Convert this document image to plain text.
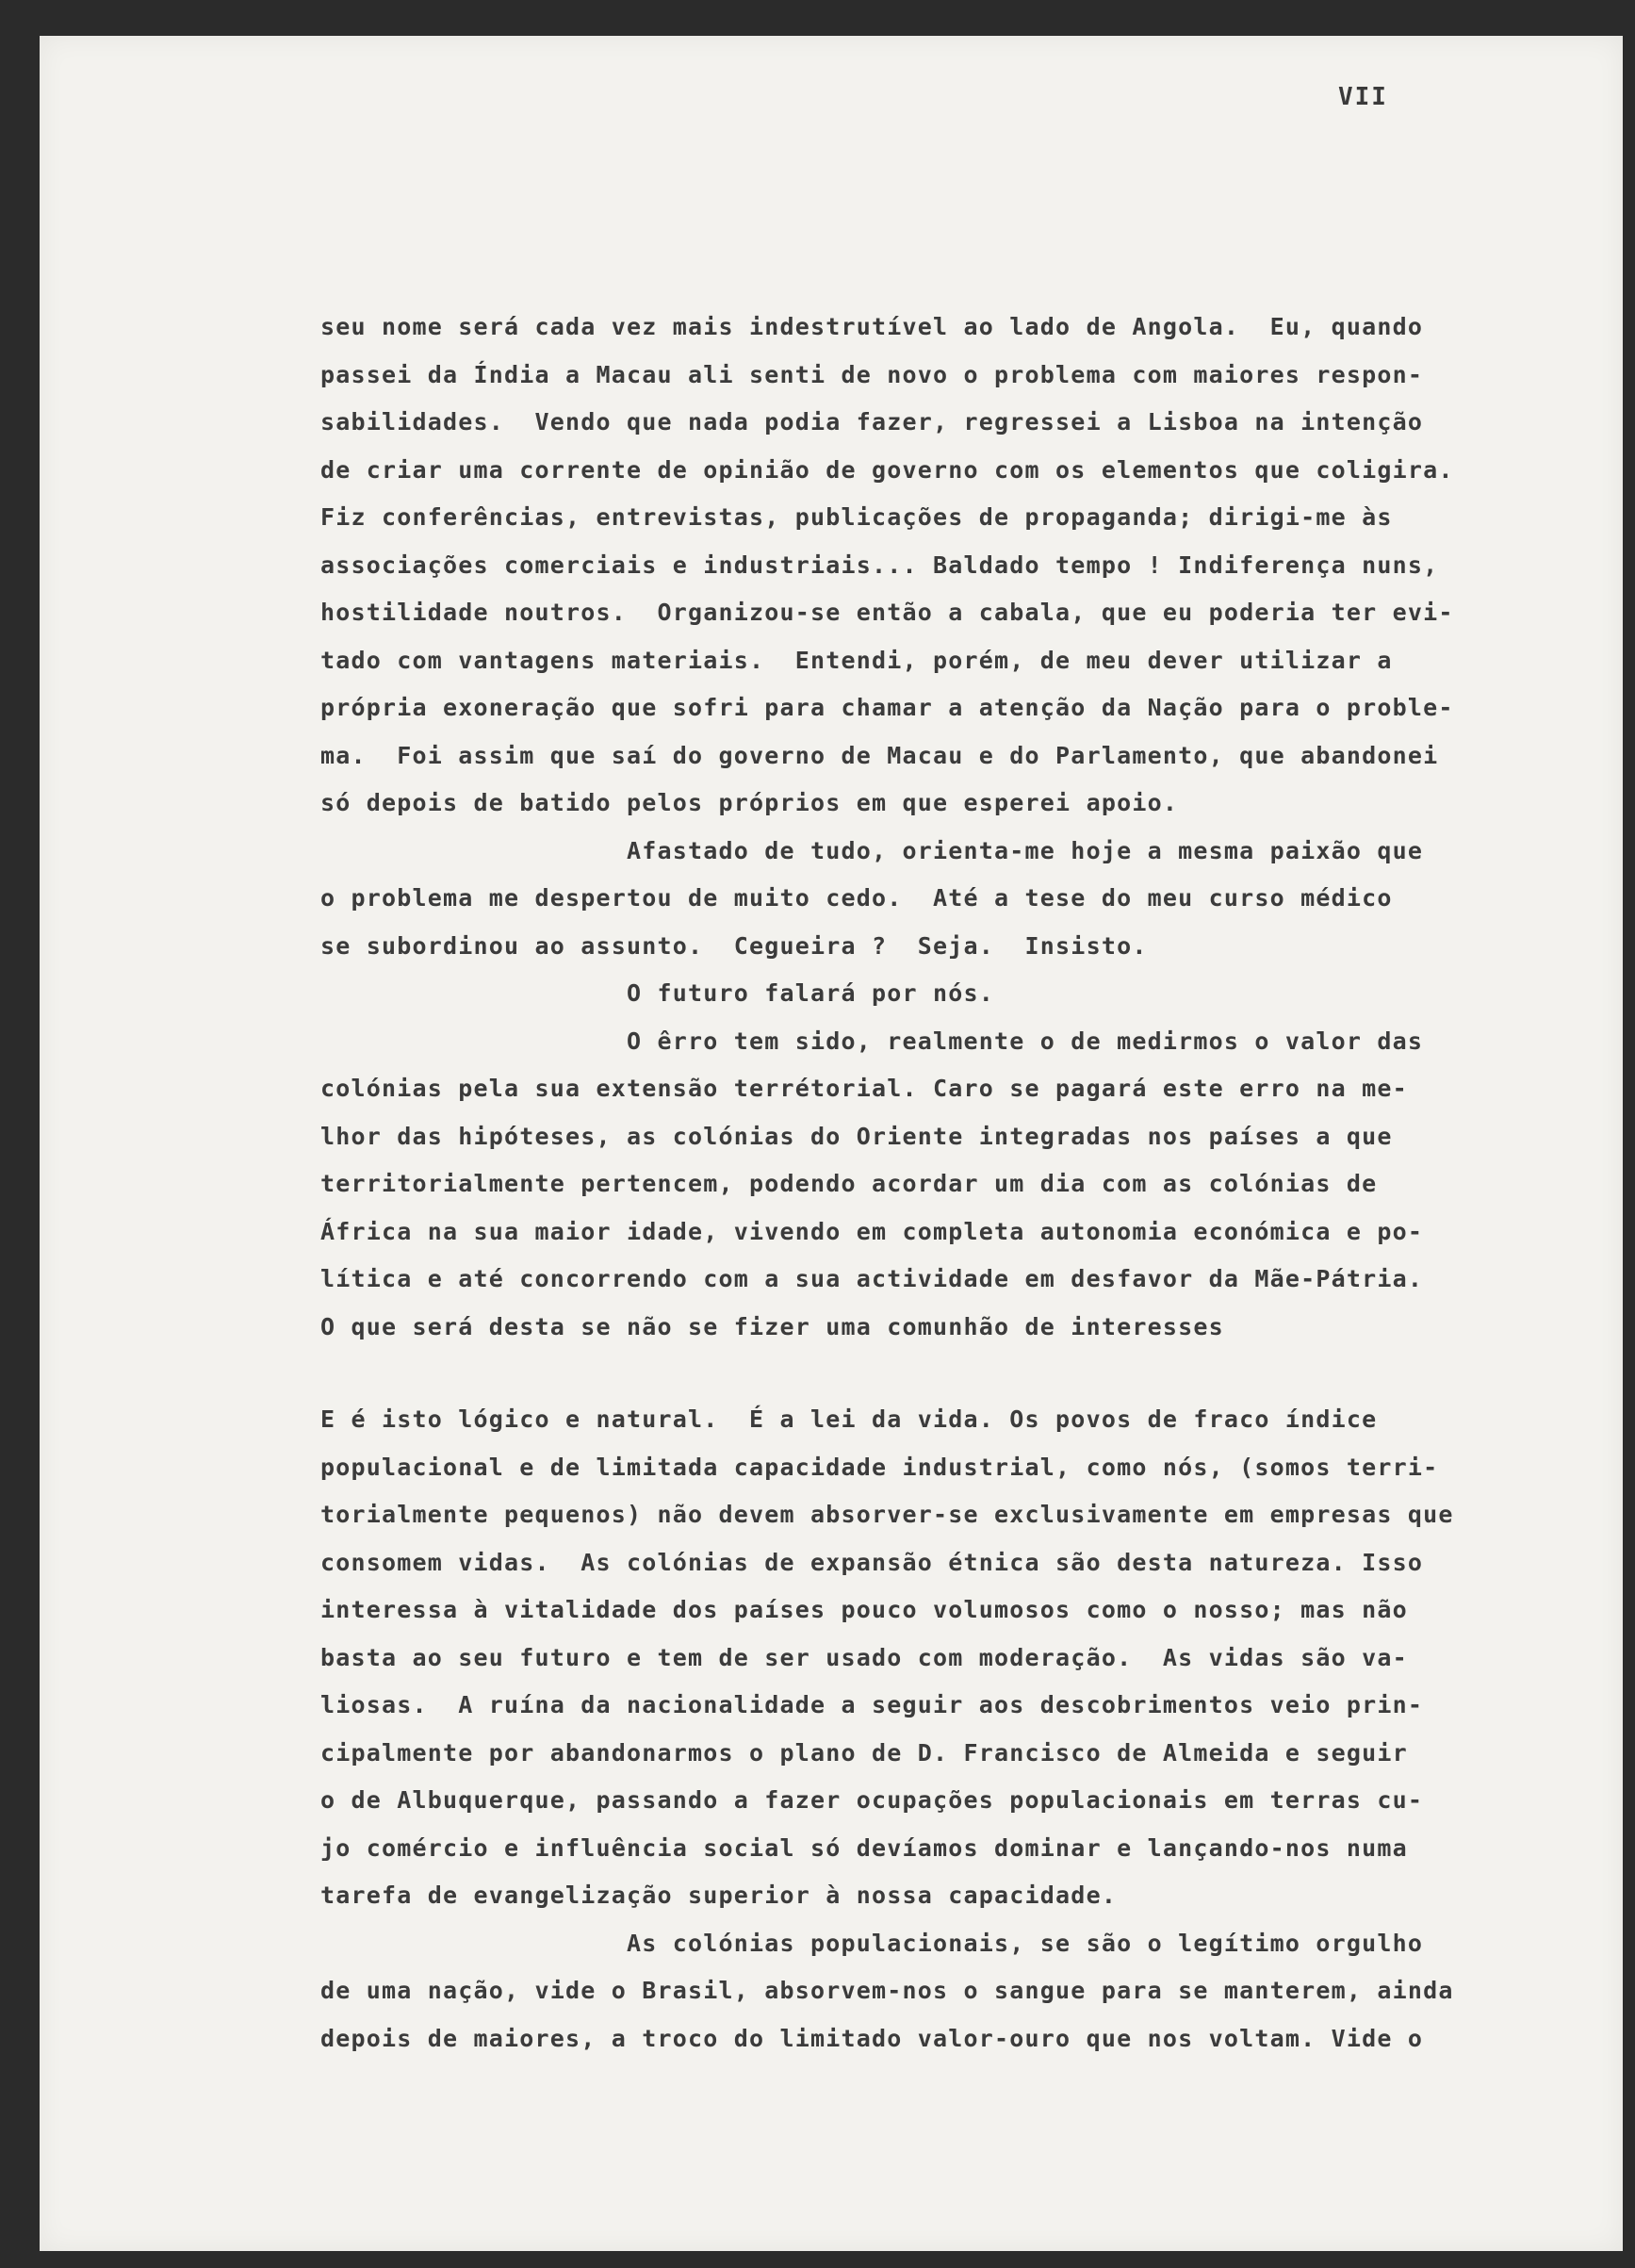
VII
seu nome será cada vez mais indestrutível ao lado de Angola.  Eu, quando
passei da Índia a Macau ali senti de novo o problema com maiores respon-
sabilidades.  Vendo que nada podia fazer, regressei a Lisboa na intenção
de criar uma corrente de opinião de governo com os elementos que coligira.
Fiz conferências, entrevistas, publicações de propaganda; dirigi-me às
associações comerciais e industriais... Baldado tempo ! Indiferença nuns,
hostilidade noutros.  Organizou-se então a cabala, que eu poderia ter evi-
tado com vantagens materiais.  Entendi, porém, de meu dever utilizar a
própria exoneração que sofri para chamar a atenção da Nação para o proble-
ma.  Foi assim que saí do governo de Macau e do Parlamento, que abandonei
só depois de batido pelos próprios em que esperei apoio.
Afastado de tudo, orienta-me hoje a mesma paixão que
o problema me despertou de muito cedo.  Até a tese do meu curso médico
se subordinou ao assunto.  Cegueira ?  Seja.  Insisto.
O futuro falará por nós.
O êrro tem sido, realmente o de medirmos o valor das
colónias pela sua extensão terrétorial. Caro se pagará este erro na me-
lhor das hipóteses, as colónias do Oriente integradas nos países a que
territorialmente pertencem, podendo acordar um dia com as colónias de
África na sua maior idade, vivendo em completa autonomia económica e po-
lítica e até concorrendo com a sua actividade em desfavor da Mãe-Pátria.
O que será desta se não se fizer uma comunhão de interesses
E é isto lógico e natural.  É a lei da vida. Os povos de fraco índice
populacional e de limitada capacidade industrial, como nós, (somos terri-
torialmente pequenos) não devem absorver-se exclusivamente em empresas que
consomem vidas.  As colónias de expansão étnica são desta natureza. Isso
interessa à vitalidade dos países pouco volumosos como o nosso; mas não
basta ao seu futuro e tem de ser usado com moderação.  As vidas são va-
liosas.  A ruína da nacionalidade a seguir aos descobrimentos veio prin-
cipalmente por abandonarmos o plano de D. Francisco de Almeida e seguir
o de Albuquerque, passando a fazer ocupações populacionais em terras cu-
jo comércio e influência social só devíamos dominar e lançando-nos numa
tarefa de evangelização superior à nossa capacidade.
As colónias populacionais, se são o legítimo orgulho
de uma nação, vide o Brasil, absorvem-nos o sangue para se manterem, ainda
depois de maiores, a troco do limitado valor-ouro que nos voltam. Vide o
